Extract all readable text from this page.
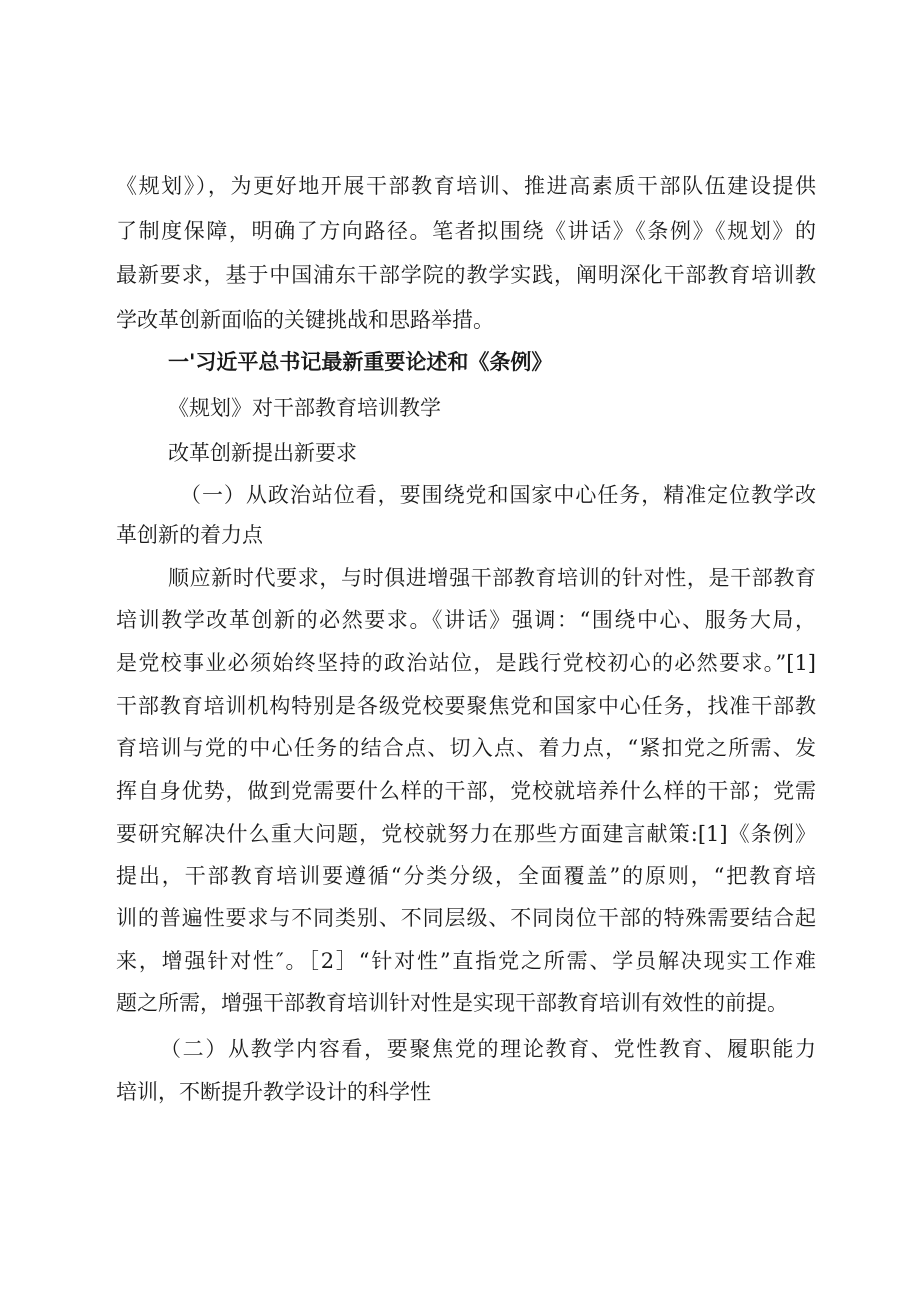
《规划》），为更好地开展干部教育培训、推进高素质干部队伍建设提供
了制度保障，明确了方向路径。笔者拟围绕《讲话》《条例》《规划》的
最新要求，基于中国浦东干部学院的教学实践，阐明深化干部教育培训教
学改革创新面临的关键挑战和思路举措。
一'习近平总书记最新重要论述和《条例》
《规划》对干部教育培训教学
改革创新提出新要求
（一）从政治站位看，要围绕党和国家中心任务，精准定位教学改
革创新的着力点
顺应新时代要求，与时俱进增强干部教育培训的针对性，是干部教育
培训教学改革创新的必然要求。《讲话》强调：“围绕中心、服务大局，
是党校事业必须始终坚持的政治站位，是践行党校初心的必然要求。”[1]
干部教育培训机构特别是各级党校要聚焦党和国家中心任务，找准干部教
育培训与党的中心任务的结合点、切入点、着力点，“紧扣党之所需、发
挥自身优势，做到党需要什么样的干部，党校就培养什么样的干部；党需
要研究解决什么重大问题，党校就努力在那些方面建言献策:[1]《条例》
提出，干部教育培训要遵循“分类分级，全面覆盖”的原则，“把教育培
训的普遍性要求与不同类别、不同层级、不同岗位干部的特殊需要结合起
来，增强针对性″。［2］“针对性”直指党之所需、学员解决现实工作难
题之所需，增强干部教育培训针对性是实现干部教育培训有效性的前提。
（二）从教学内容看，要聚焦党的理论教育、党性教育、履职能力
培训，不断提升教学设计的科学性
